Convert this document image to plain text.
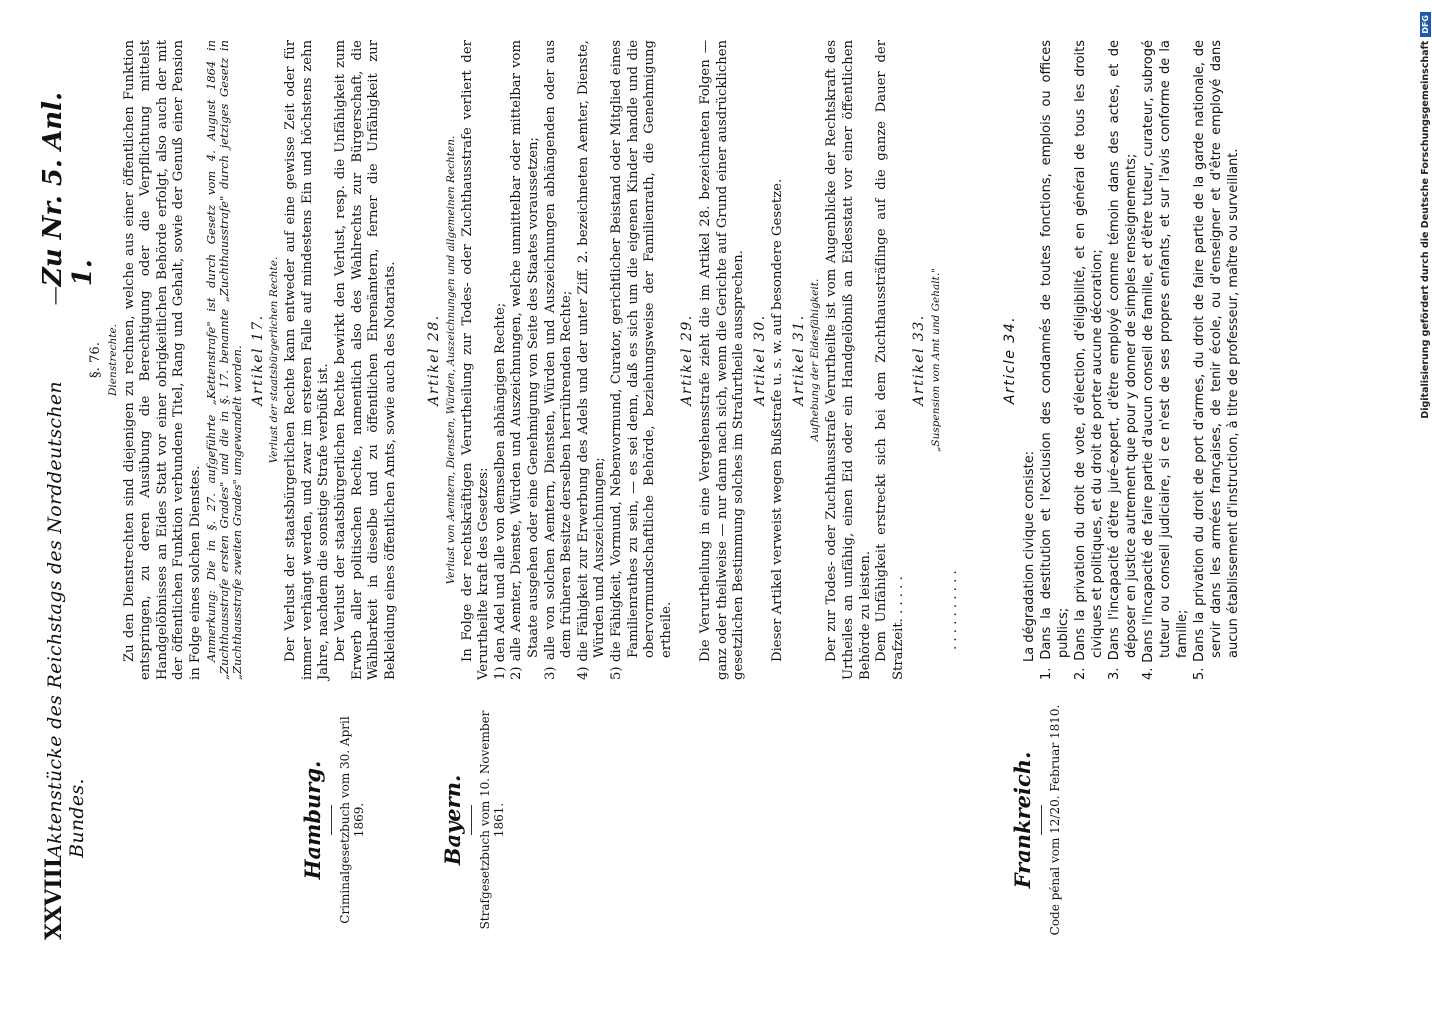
XXVIII
Aktenstücke des Reichstags des Norddeutschen Bundes.
—
Zu Nr. 5. Anl. 1.
Hamburg. Criminalgesetzbuch vom 30. April 1869.
§. 76. Dienstrechte. Zu den Dienstrechten sind diejenigen zu rechnen, welche aus einer öffentlichen Funktion entspringen, zu deren Ausübung die Berechtigung oder die Verpflichtung mittelst Handgelöbnisses an Eides Statt vor einer obrigkeitlichen Behörde erfolgt, also auch der mit der öffentlichen Funktion verbundene Titel, Rang und Gehalt, sowie der Genuß einer Pension in Folge eines solchen Dienstes. Anmerkung: Die in §. 27. aufgeführte „Kettenstrafe" ist durch Gesetz vom 4. August 1864 in „Zuchthausstrafe ersten Grades" und die in §. 17. benannte „Zuchthausstrafe" durch jetziges Gesetz in „Zuchthausstrafe zweiten Grades" umgewandelt worden. Artikel 17. Verlust der staatsbürgerlichen Rechte. Der Verlust der staatsbürgerlichen Rechte kann entweder auf eine gewisse Zeit oder für immer verhängt werden, und zwar im ersteren Falle auf mindestens Ein und höchstens zehn Jahre, nachdem die sonstige Strafe verbüßt ist. Der Verlust der staatsbürgerlichen Rechte bewirkt den Verlust, resp. die Unfähigkeit zum Erwerb aller politischen Rechte, namentlich also des Wahlrechts zur Bürgerschaft, die Wählbarkeit in dieselbe und zu öffentlichen Ehrenämtern, ferner die Unfähigkeit zur Bekleidung eines öffentlichen Amts, sowie auch des Notariats.

Bayern. Strafgesetzbuch vom 10. November 1861.
Artikel 28. Verlust von Aemtern, Diensten, Würden, Auszeichnungen und allgemeinen Rechten. In Folge der rechtskräftigen Verurtheilung zur Todes- oder Zuchthausstrafe verliert der Verurtheilte kraft des Gesetzes: 1) den Adel und alle von demselben abhängigen Rechte; 2) alle Aemter, Dienste, Würden und Auszeichnungen, welche unmittelbar oder mittelbar vom Staate ausgehen oder eine Genehmigung von Seite des Staates voraussetzen; 3) alle von solchen Aemtern, Diensten, Würden und Auszeichnungen abhängenden oder aus dem früheren Besitze derselben herrührenden Rechte; 4) die Fähigkeit zur Erwerbung des Adels und der unter Ziff. 2. bezeichneten Aemter, Dienste, Würden und Auszeichnungen; 5) die Fähigkeit, Vormund, Nebenvormund, Curator, gerichtlicher Beistand oder Mitglied eines Familienrathes zu sein, — es sei denn, daß es sich um die eigenen Kinder handle und die obervormundschaftliche Behörde, beziehungsweise der Familienrath, die Genehmigung ertheile.
Artikel 29. Die Verurtheilung in eine Vergehensstrafe zieht die im Artikel 28. bezeichneten Folgen — ganz oder theilweise — nur dann nach sich, wenn die Gerichte auf Grund einer ausdrücklichen gesetzlichen Bestimmung solches im Strafurtheile aussprechen. Artikel 30. Dieser Artikel verweist wegen Bußstrafe u. s. w. auf besondere Gesetze. Artikel 31. Aufhebung der Eidesfähigkeit. Der zur Todes- oder Zuchthausstrafe Verurtheilte ist vom Augenblicke der Rechtskraft des Urtheiles an unfähig, einen Eid oder ein Handgelöbniß an Eidesstatt vor einer öffentlichen Behörde zu leisten. Dem Unfähigkeit erstreckt sich bei dem Zuchthaussträflinge auf die ganze Dauer der Strafzeit. . . . . .

Artikel 33. „Suspension von Amt und Gehalt."
. . . . . . . . . .
Frankreich. Code pénal vom 12/20. Februar 1810.
Article 34.

La dégradation civique consiste: 1. Dans la destitution et l'exclusion des condamnés de toutes fonctions, emplois ou offices publics; 2. Dans la privation du droit de vote, d'élection, d'éligibilité, et en général de tous les droits civiques et politiques, et du droit de porter aucune décoration; 3. Dans l'incapacité d'être juré-expert, d'être employé comme témoin dans des actes, et de déposer en justice autrement que pour y donner de simples renseignements; 4. Dans l'incapacité de faire partie d'aucun conseil de famille, et d'être tuteur, curateur, subrogé tuteur ou conseil judiciaire, si ce n'est de ses propres enfants, et sur l'avis conforme de la famille; 5. Dans la privation du droit de port d'armes, du droit de faire partie de la garde nationale, de servir dans les armées françaises, de tenir école, ou d'enseigner et d'être employé dans aucun établissement d'instruction, à titre de professeur, maître ou surveillant.	Digitalisierung gefördert durch die Deutsche Forschungsgemeinschaft
DFG
